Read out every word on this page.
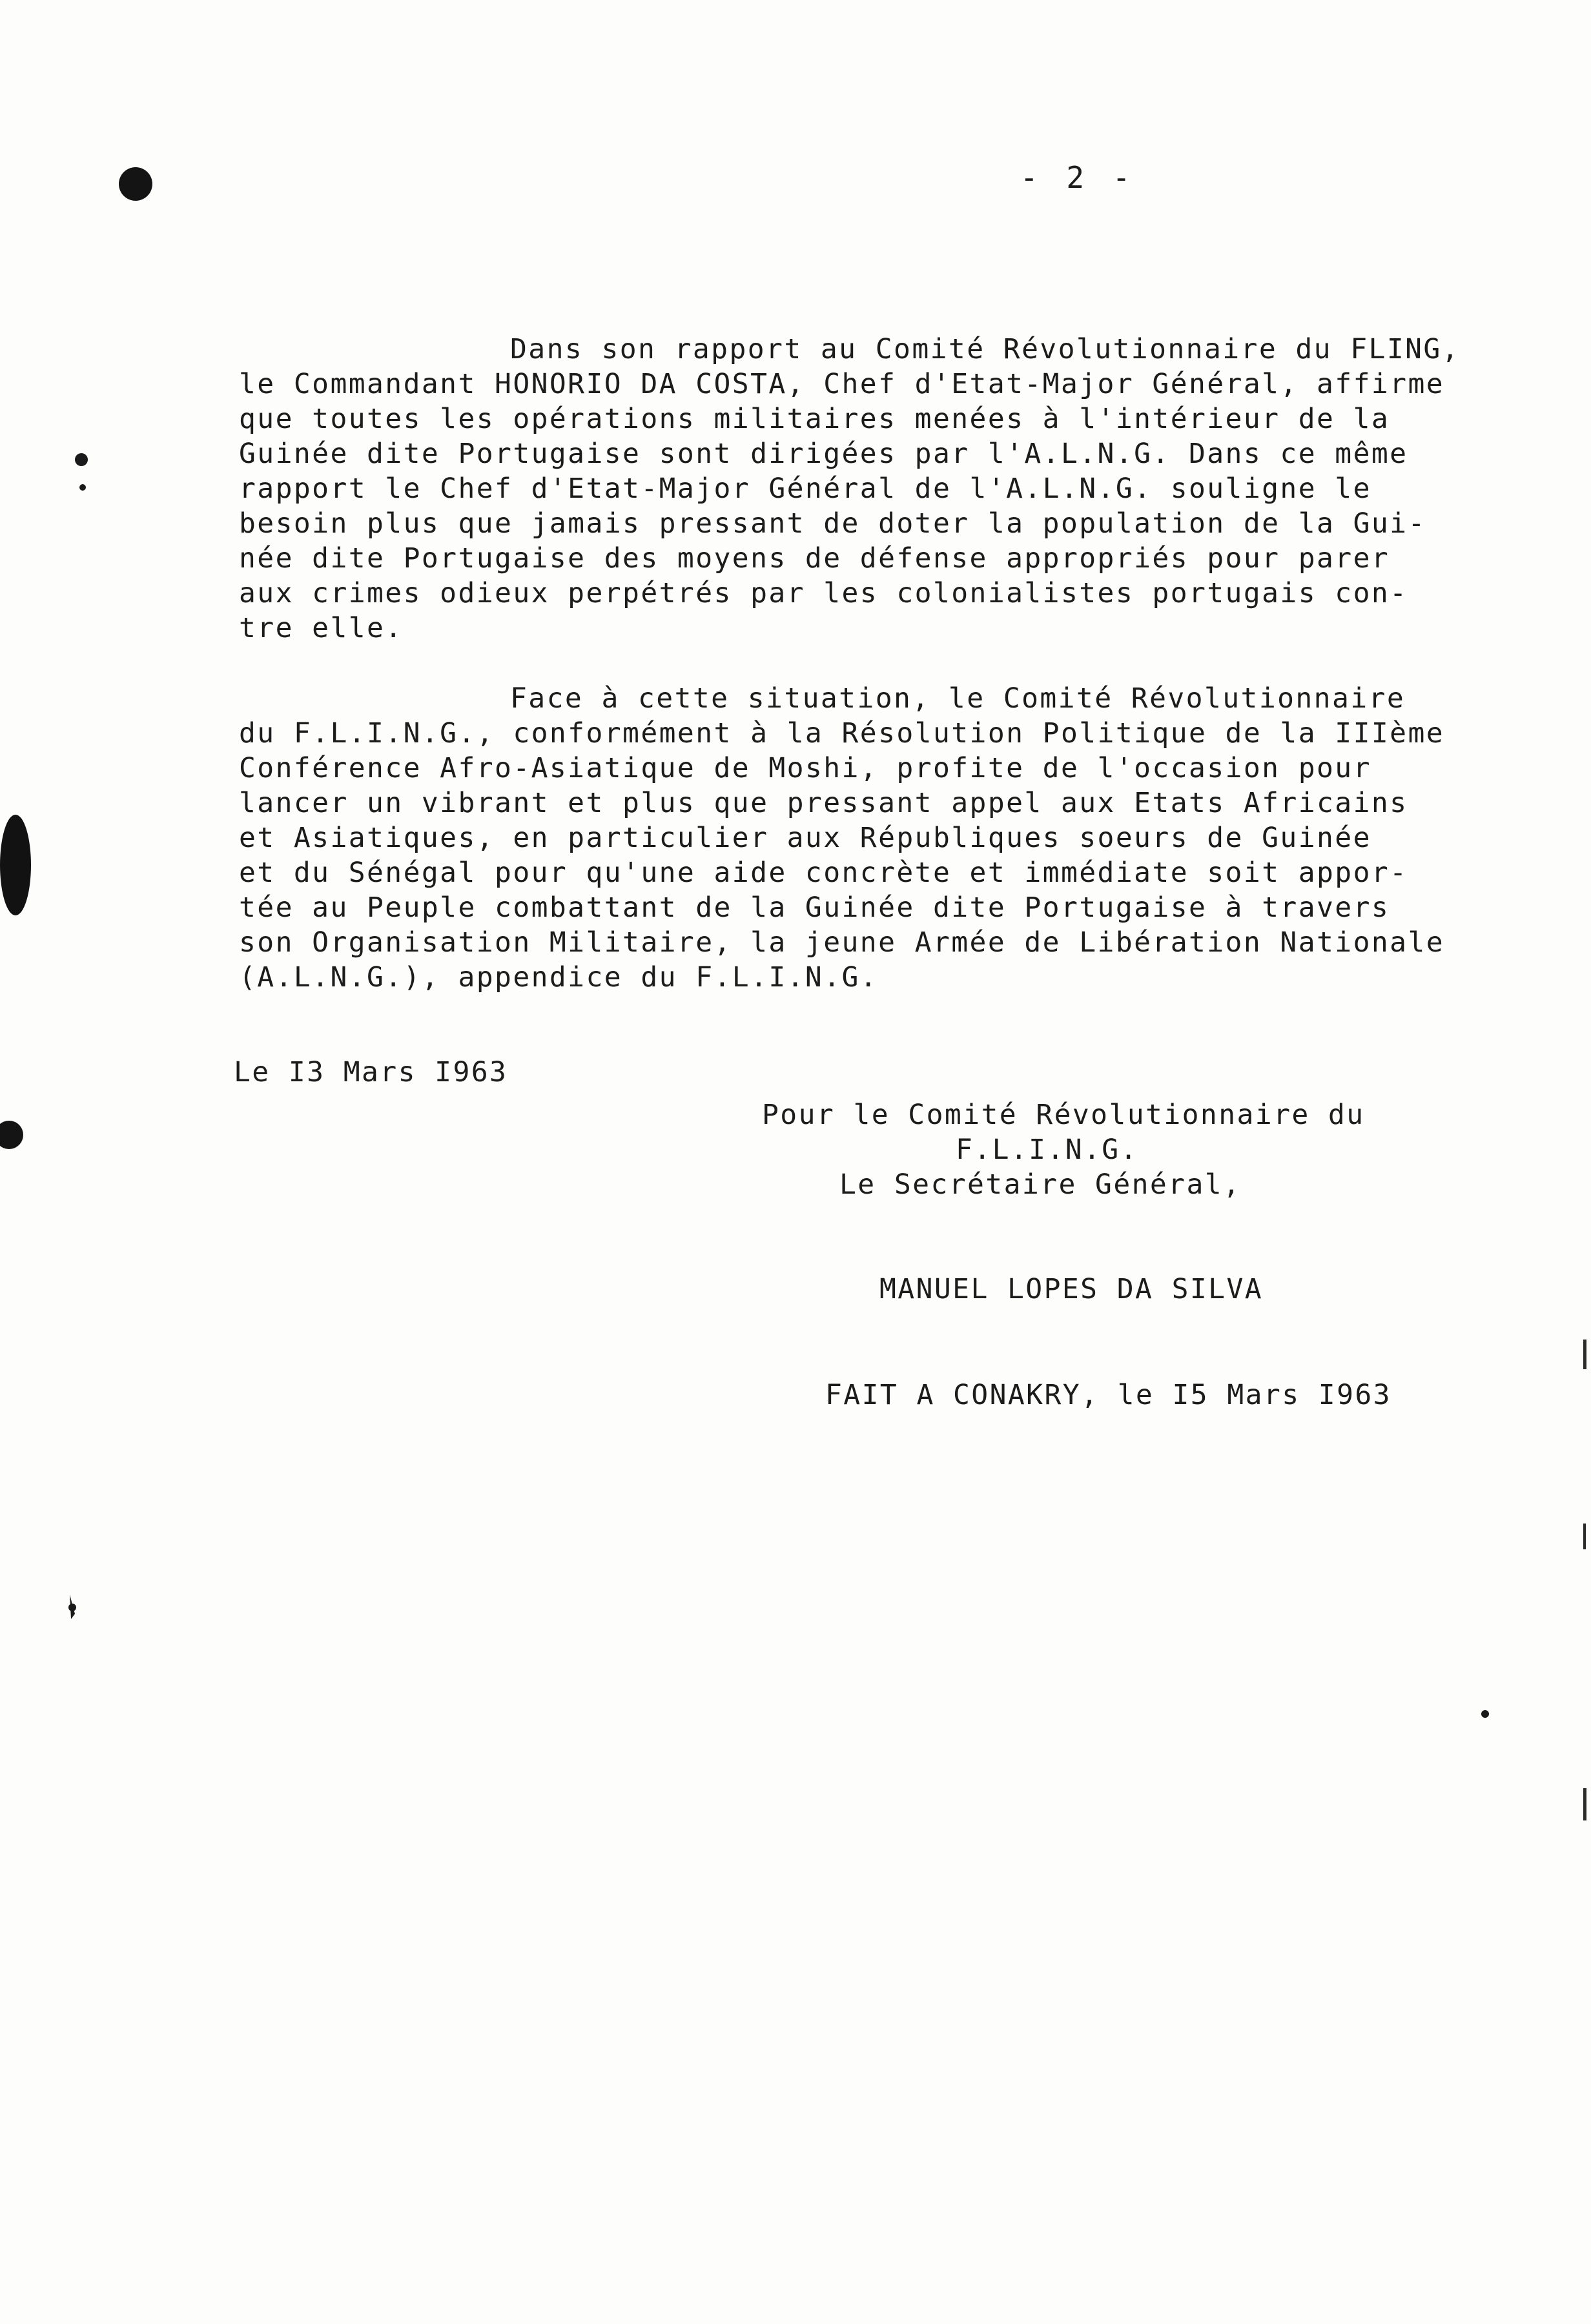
- 2 -
Dans son rapport au Comité Révolutionnaire du FLING,
le Commandant HONORIO DA COSTA, Chef d'Etat-Major Général, affirme
que toutes les opérations militaires menées à l'intérieur de la
Guinée dite Portugaise sont dirigées par l'A.L.N.G. Dans ce même
rapport le Chef d'Etat-Major Général de l'A.L.N.G. souligne le
besoin plus que jamais pressant de doter la population de la Gui-
née dite Portugaise des moyens de défense appropriés pour parer
aux crimes odieux perpétrés par les colonialistes portugais con-
tre elle.
Face à cette situation, le Comité Révolutionnaire
du F.L.I.N.G., conformément à la Résolution Politique de la IIIème
Conférence Afro-Asiatique de Moshi, profite de l'occasion pour
lancer un vibrant et plus que pressant appel aux Etats Africains
et Asiatiques, en particulier aux Républiques soeurs de Guinée
et du Sénégal pour qu'une aide concrète et immédiate soit appor-
tée au Peuple combattant de la Guinée dite Portugaise à travers
son Organisation Militaire, la jeune Armée de Libération Nationale
(A.L.N.G.), appendice du F.L.I.N.G.
Le I3 Mars I963
Pour le Comité Révolutionnaire du
F.L.I.N.G.
Le Secrétaire Général,
MANUEL LOPES DA SILVA
FAIT A CONAKRY, le I5 Mars I963
